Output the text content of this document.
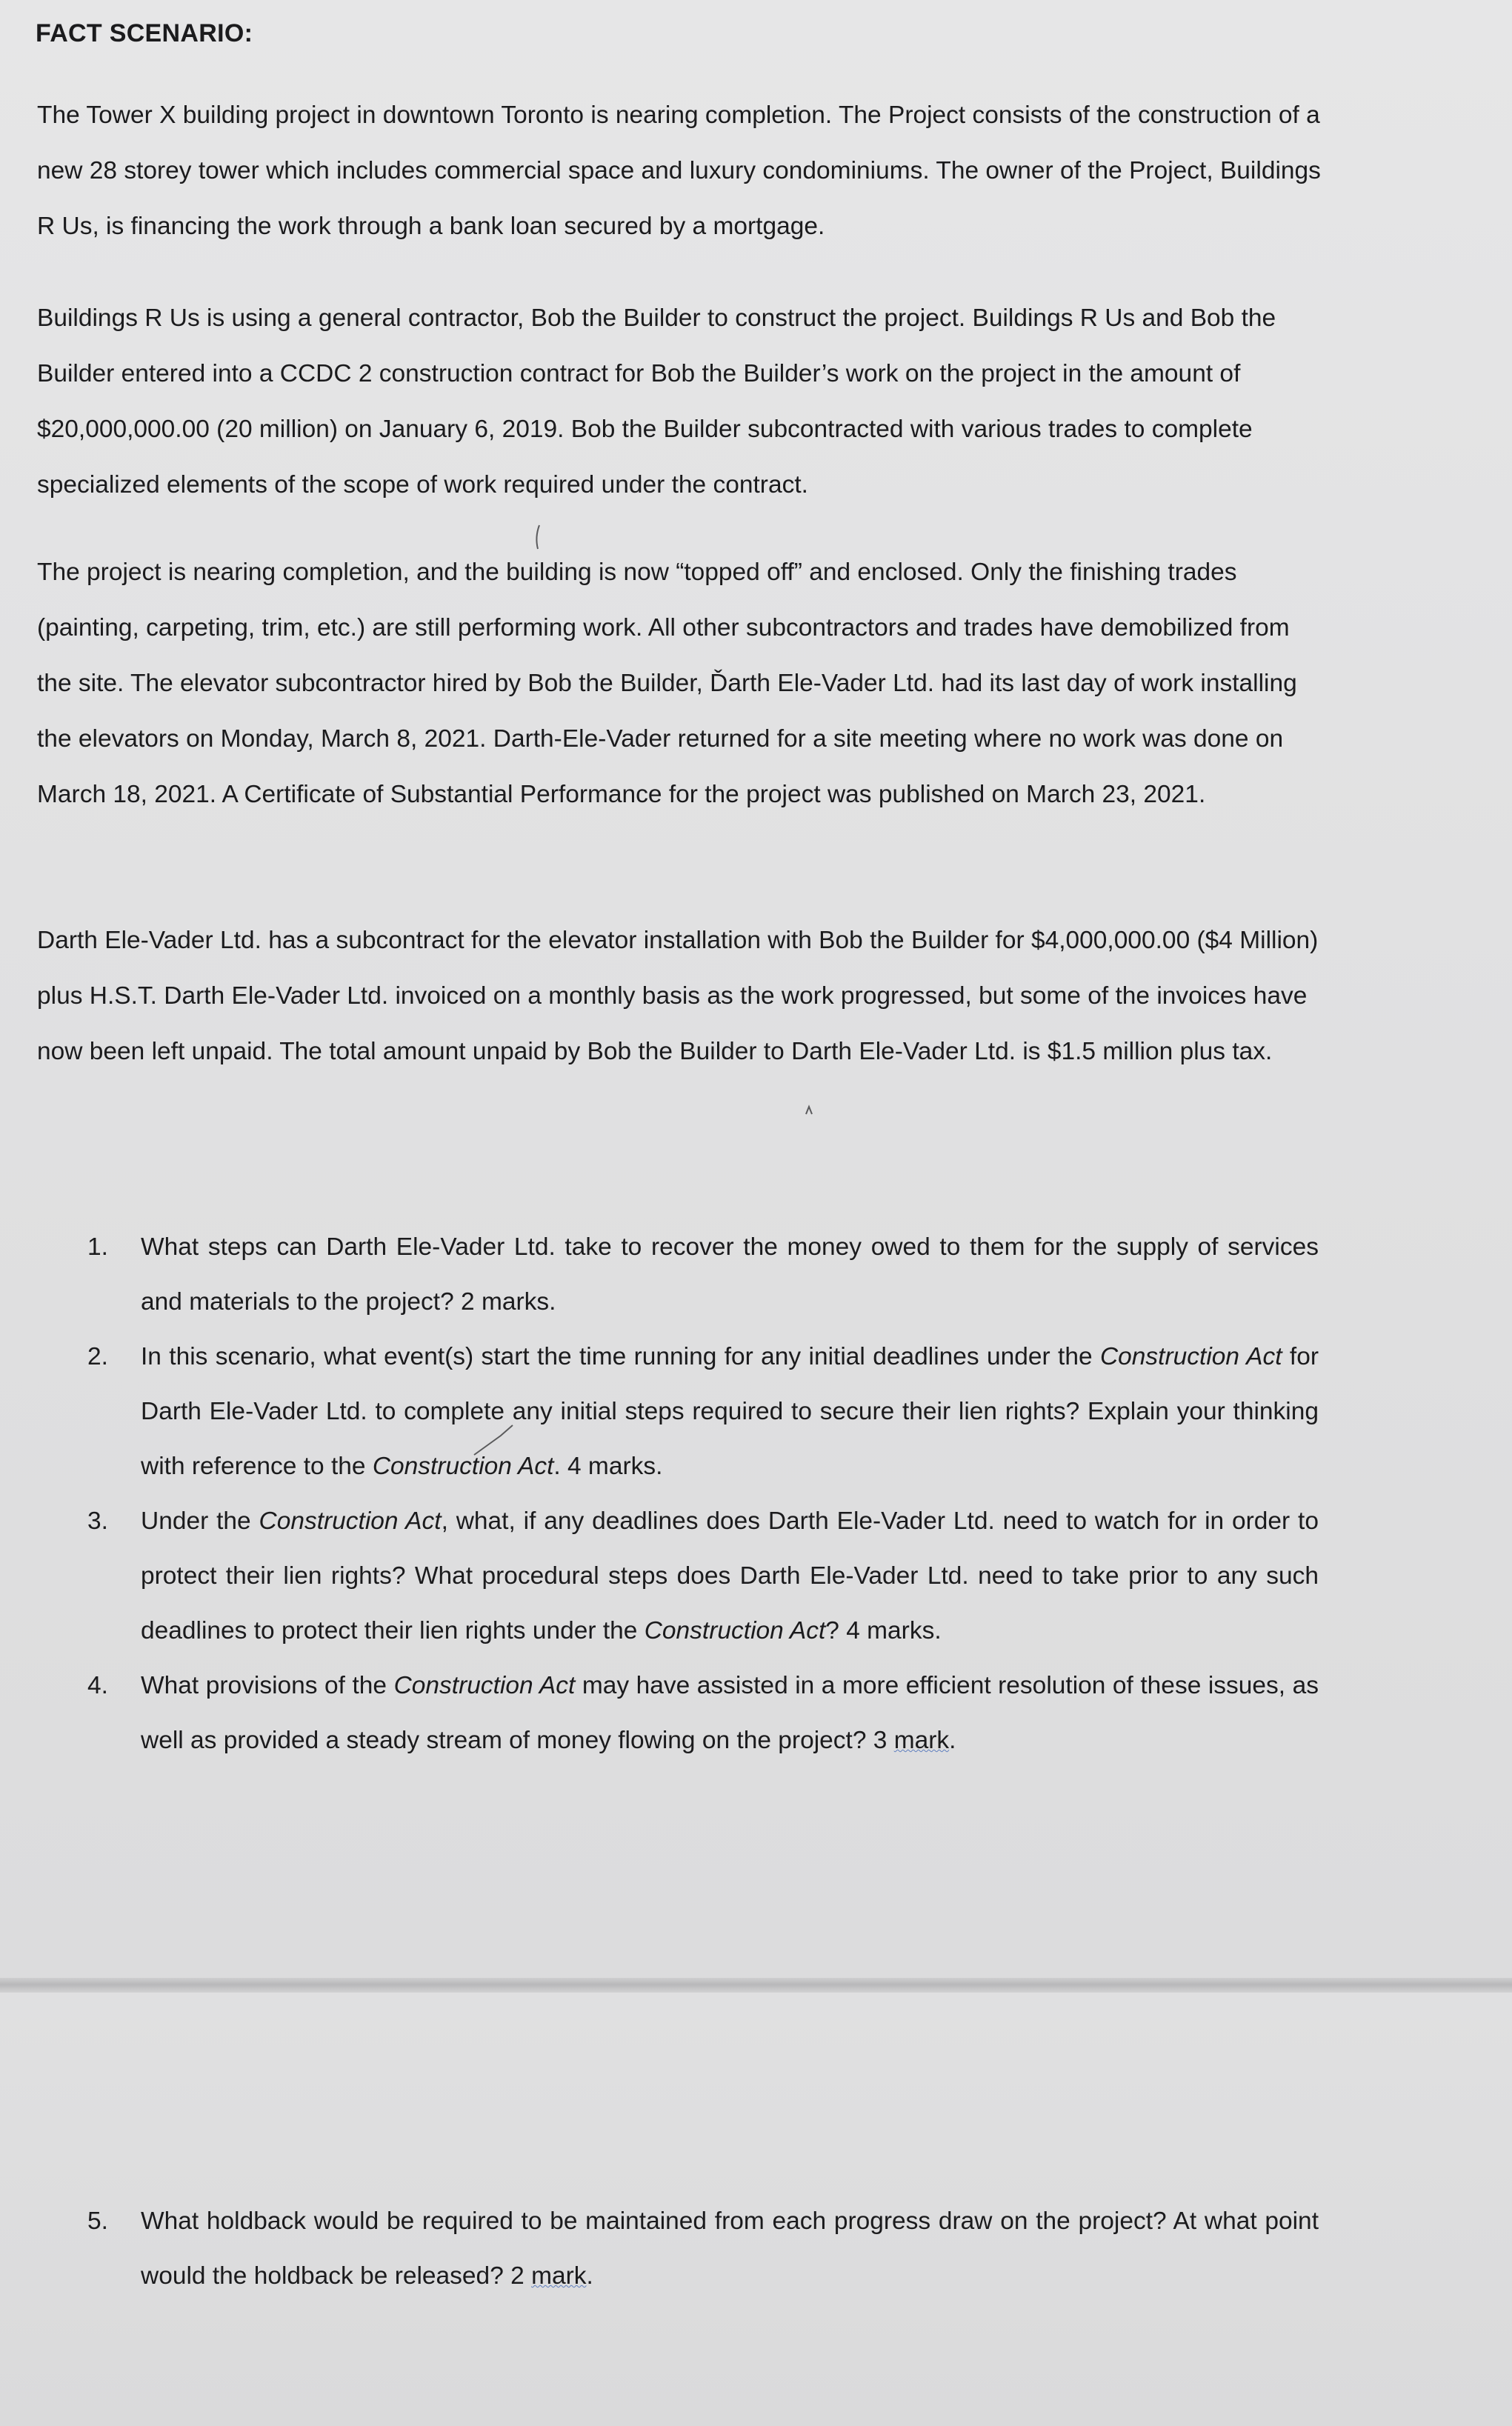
FACT SCENARIO:

The Tower X building project in downtown Toronto is nearing completion. The Project consists of the construction of a new 28 storey tower which includes commercial space and luxury condominiums. The owner of the Project, Buildings R Us, is financing the work through a bank loan secured by a mortgage.

Buildings R Us is using a general contractor, Bob the Builder to construct the project. Buildings R Us and Bob the Builder entered into a CCDC 2 construction contract for Bob the Builder’s work on the project in the amount of $20,000,000.00 (20 million) on January 6, 2019. Bob the Builder subcontracted with various trades to complete specialized elements of the scope of work required under the contract.

The project is nearing completion, and the building is now “topped off” and enclosed. Only the finishing trades (painting, carpeting, trim, etc.) are still performing work. All other subcontractors and trades have demobilized from the site. The elevator subcontractor hired by Bob the Builder, Ďarth Ele-Vader Ltd. had its last day of work installing the elevators on Monday, March 8, 2021. Darth-Ele-Vader returned for a site meeting where no work was done on March 18, 2021. A Certificate of Substantial Performance for the project was published on March 23, 2021.

Darth Ele-Vader Ltd. has a subcontract for the elevator installation with Bob the Builder for $4,000,000.00 ($4 Million) plus H.S.T. Darth Ele-Vader Ltd. invoiced on a monthly basis as the work progressed, but some of the invoices have now been left unpaid. The total amount unpaid by Bob the Builder to Darth Ele-Vader Ltd. is $1.5 million plus tax.

1. What steps can Darth Ele-Vader Ltd. take to recover the money owed to them for the supply of services and materials to the project? 2 marks.
2. In this scenario, what event(s) start the time running for any initial deadlines under the Construction Act for Darth Ele-Vader Ltd. to complete any initial steps required to secure their lien rights? Explain your thinking with reference to the Construction Act. 4 marks.
3. Under the Construction Act, what, if any deadlines does Darth Ele-Vader Ltd. need to watch for in order to protect their lien rights? What procedural steps does Darth Ele-Vader Ltd. need to take prior to any such deadlines to protect their lien rights under the Construction Act? 4 marks.
4. What provisions of the Construction Act may have assisted in a more efficient resolution of these issues, as well as provided a steady stream of money flowing on the project? 3 mark.
5. What holdback would be required to be maintained from each progress draw on the project? At what point would the holdback be released? 2 mark.
